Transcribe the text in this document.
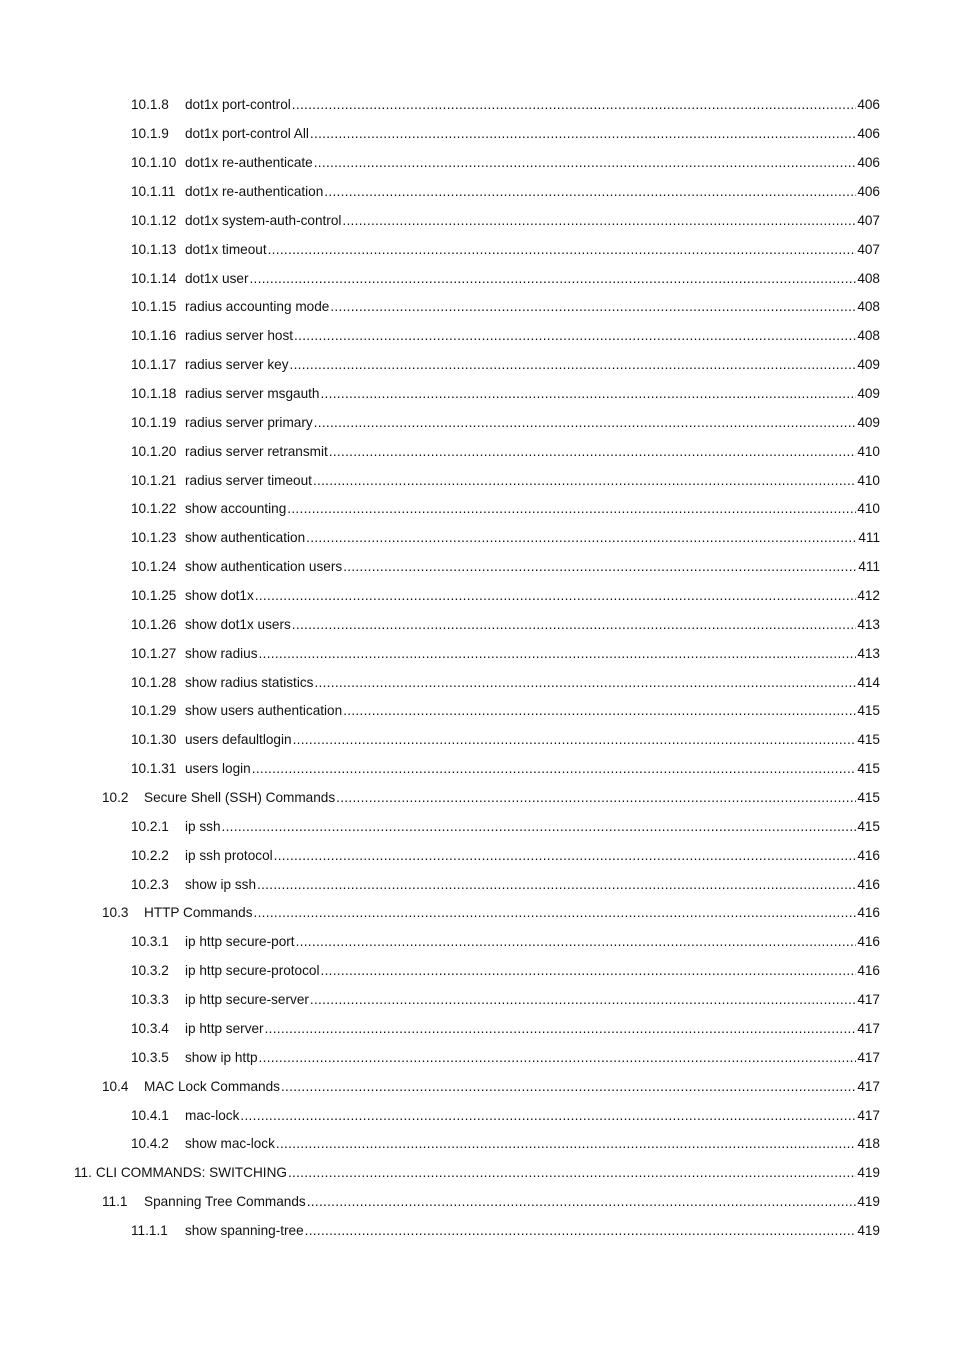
10.1.8	dot1x port-control .....	406
10.1.9	dot1x port-control All .....	406
10.1.10 dot1x re-authenticate .....	406
10.1.11 dot1x re-authentication .....	406
10.1.12 dot1x system-auth-control .....	407
10.1.13 dot1x timeout .....	407
10.1.14 dot1x user .....	408
10.1.15 radius accounting mode .....	408
10.1.16 radius server host .....	408
10.1.17 radius server key .....	409
10.1.18 radius server msgauth .....	409
10.1.19 radius server primary .....	409
10.1.20 radius server retransmit .....	410
10.1.21 radius server timeout .....	410
10.1.22 show accounting .....	410
10.1.23 show authentication .....	411
10.1.24 show authentication users .....	411
10.1.25 show dot1x .....	412
10.1.26 show dot1x users .....	413
10.1.27 show radius .....	413
10.1.28 show radius statistics .....	414
10.1.29 show users authentication .....	415
10.1.30 users defaultlogin .....	415
10.1.31 users login .....	415
10.2	Secure Shell (SSH) Commands .....	415
10.2.1	ip ssh .....	415
10.2.2	ip ssh protocol .....	416
10.2.3	show ip ssh .....	416
10.3	HTTP Commands .....	416
10.3.1	ip http secure-port .....	416
10.3.2	ip http secure-protocol .....	416
10.3.3	ip http secure-server .....	417
10.3.4	ip http server .....	417
10.3.5	show ip http .....	417
10.4	MAC Lock Commands .....	417
10.4.1	mac-lock .....	417
10.4.2	show mac-lock .....	418
11. CLI COMMANDS: SWITCHING .....	419
11.1	Spanning Tree Commands .....	419
11.1.1	show spanning-tree .....	419
